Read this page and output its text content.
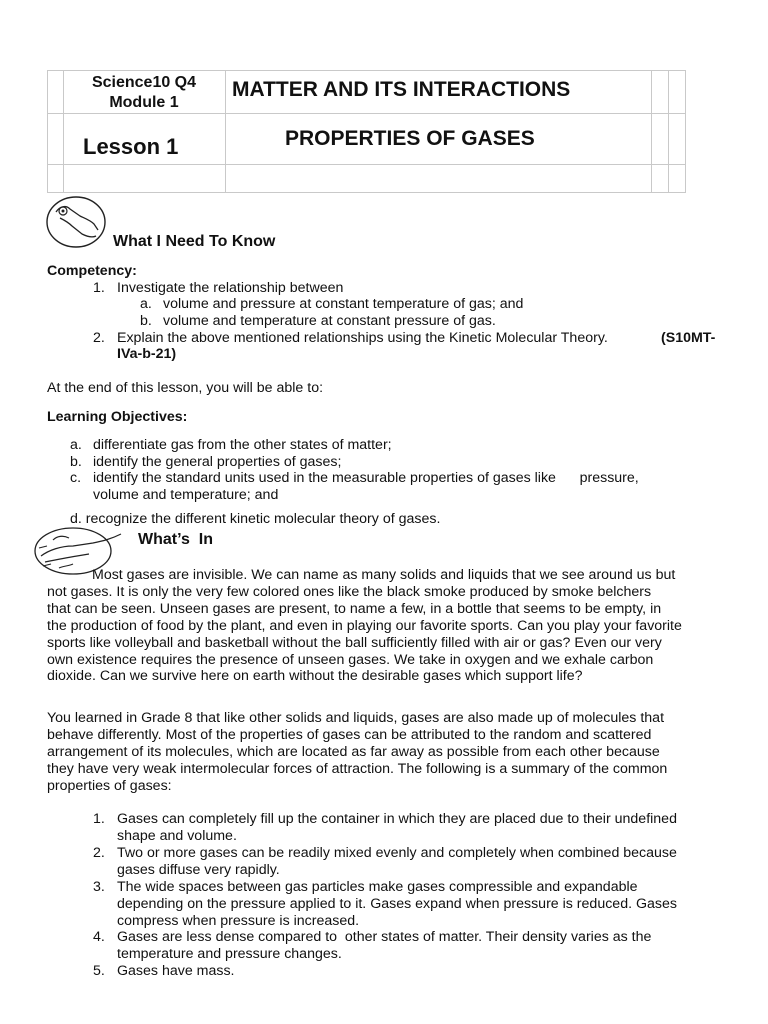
Science10 Q4
Module 1
MATTER AND ITS INTERACTIONS
Lesson 1	PROPERTIES OF GASES
What I Need To Know
Competency:
1. Investigate the relationship between
a. volume and pressure at constant temperature of gas; and
b. volume and temperature at constant pressure of gas.
2. Explain the above mentioned relationships using the Kinetic Molecular Theory.	(S10MT-
IVa-b-21)
At the end of this lesson, you will be able to:
Learning Objectives:
a. differentiate gas from the other states of matter;
b. identify the general properties of gases;
c. identify the standard units used in the measurable properties of gases like      pressure,
volume and temperature; and
d. recognize the different kinetic molecular theory of gases.
What’s  In
Most gases are invisible. We can name as many solids and liquids that we see around us but
not gases. It is only the very few colored ones like the black smoke produced by smoke belchers
that can be seen. Unseen gases are present, to name a few, in a bottle that seems to be empty, in
the production of food by the plant, and even in playing our favorite sports. Can you play your favorite
sports like volleyball and basketball without the ball sufficiently filled with air or gas? Even our very
own existence requires the presence of unseen gases. We take in oxygen and we exhale carbon
dioxide. Can we survive here on earth without the desirable gases which support life?
You learned in Grade 8 that like other solids and liquids, gases are also made up of molecules that
behave differently. Most of the properties of gases can be attributed to the random and scattered
arrangement of its molecules, which are located as far away as possible from each other because
they have very weak intermolecular forces of attraction. The following is a summary of the common
properties of gases:
1. Gases can completely fill up the container in which they are placed due to their undefined
shape and volume.
2. Two or more gases can be readily mixed evenly and completely when combined because
gases diffuse very rapidly.
3. The wide spaces between gas particles make gases compressible and expandable
depending on the pressure applied to it. Gases expand when pressure is reduced. Gases
compress when pressure is increased.
4. Gases are less dense compared to  other states of matter. Their density varies as the
temperature and pressure changes.
5. Gases have mass.
